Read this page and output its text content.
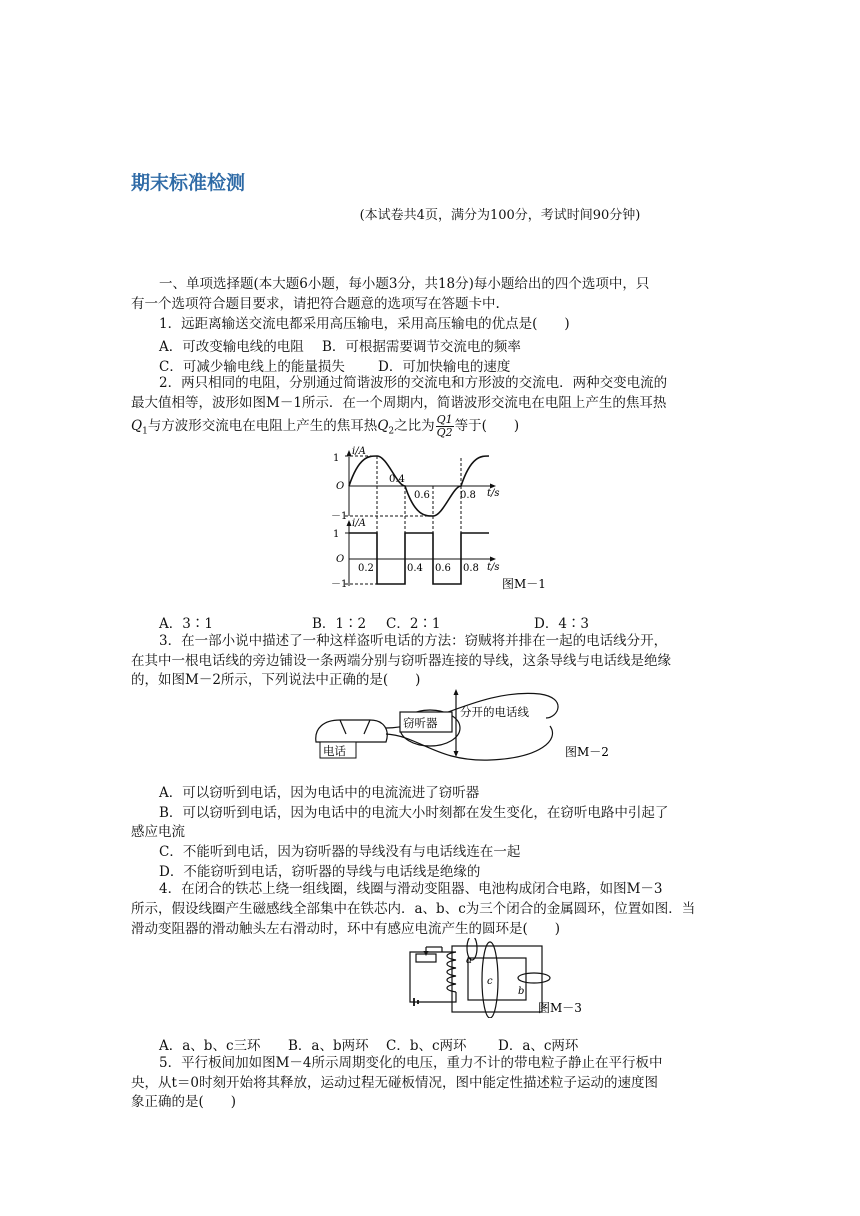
期末标准检测
(本试卷共4页，满分为100分，考试时间90分钟)
一、单项选择题(本大题6小题，每小题3分，共18分)每小题给出的四个选项中，只
有一个选项符合题目要求，请把符合题意的选项写在答题卡中.
1．远距离输送交流电都采用高压输电，采用高压输电的优点是(　　)
A．可改变输电线的电阻 B．可根据需要调节交流电的频率
C．可减少输电线上的能量损失 D．可加快输电的速度
2．两只相同的电阻，分别通过简谐波形的交流电和方形波的交流电．两种交变电流的
最大值相等，波形如图M－1所示．在一个周期内，简谐波形交流电在电阻上产生的焦耳热
$Q_1$与方波形交流电在电阻上产生的焦耳热$Q_2$之比为 $\frac{Q1}{Q2}$ 等于(　　)
1
－1
O
i/A
t/s
0.4
0.6	0.8
1
－1
O
i/A
t/s
0.2	0.4 0.6 0.8
图M－1
A．3∶1	B．1∶2 C．2∶1	D．4∶3
3．在一部小说中描述了一种这样盗听电话的方法：窃贼将并排在一起的电话线分开，
在其中一根电话线的旁边铺设一条两端分别与窃听器连接的导线，这条导线与电话线是绝缘
的，如图M－2所示，下列说法中正确的是(　　)
电话
窃听器
分开的电话线
图M－2
A．可以窃听到电话，因为电话中的电流流进了窃听器
B．可以窃听到电话，因为电话中的电流大小时刻都在发生变化，在窃听电路中引起了
感应电流
C．不能听到电话，因为窃听器的导线没有与电话线连在一起
D．不能窃听到电话，窃听器的导线与电话线是绝缘的
4．在闭合的铁芯上绕一组线圈，线圈与滑动变阻器、电池构成闭合电路，如图M－3
所示，假设线圈产生磁感线全部集中在铁芯内．a、b、c为三个闭合的金属圆环，位置如图．当
滑动变阻器的滑动触头左右滑动时，环中有感应电流产生的圆环是(　　)
a
c
b
图M－3
A．a、b、c三环 B．a、b两环 C．b、c两环 D．a、c两环
5．平行板间加如图M－4所示周期变化的电压，重力不计的带电粒子静止在平行板中
央，从t＝0时刻开始将其释放，运动过程无碰板情况，图中能定性描述粒子运动的速度图
象正确的是(　　)
